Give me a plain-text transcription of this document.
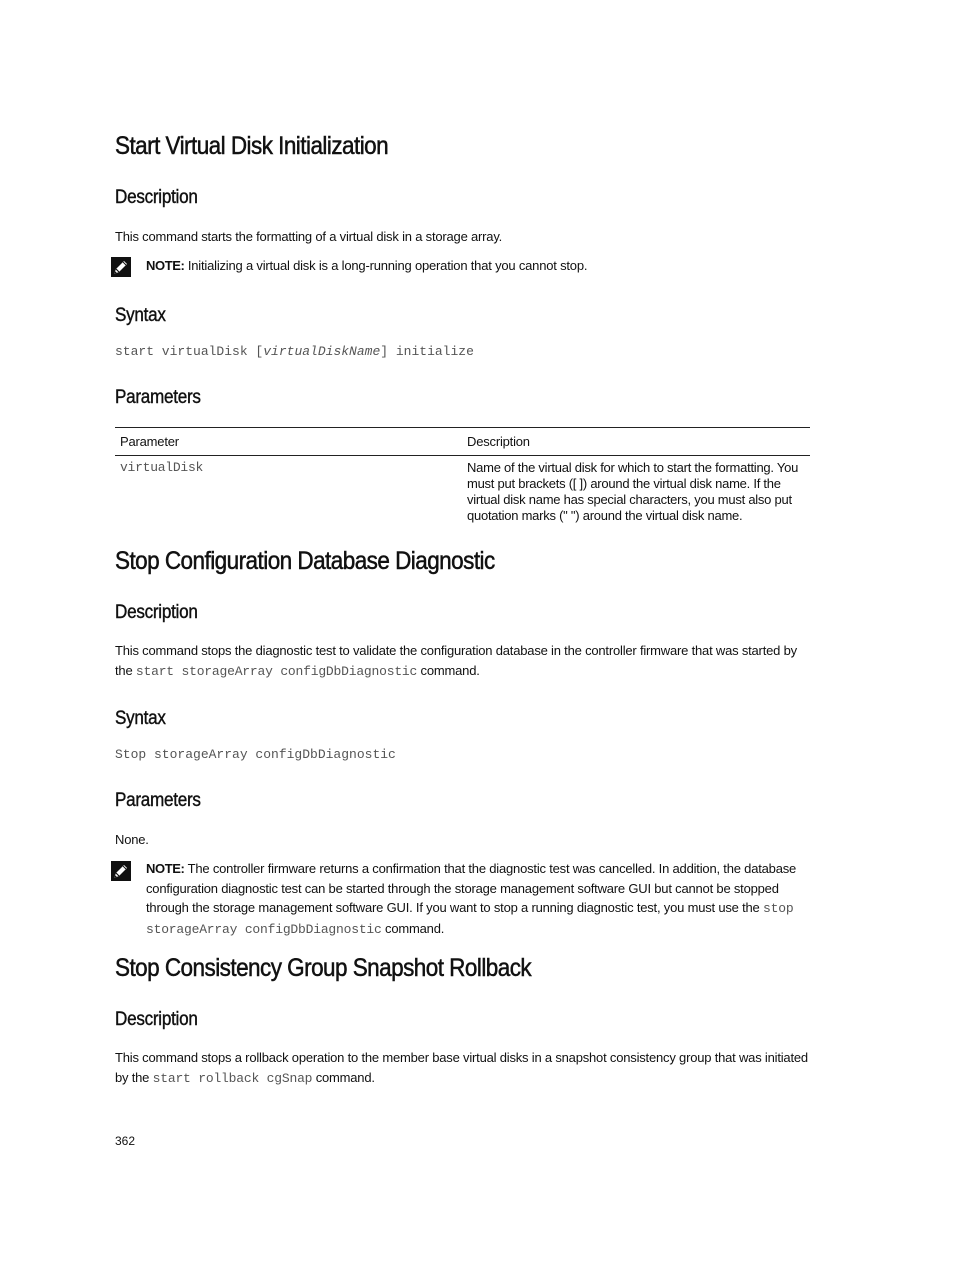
Start Virtual Disk Initialization
Description

This command starts the formatting of a virtual disk in a storage array.

NOTE: Initializing a virtual disk is a long-running operation that you cannot stop.

Syntax

start virtualDisk [virtualDiskName] initialize

Parameters
Parameter	Description
virtualDisk	Name of the virtual disk for which to start the formatting. You must put brackets ([ ]) around the virtual disk name. If the virtual disk name has special characters, you must also put quotation marks (" ") around the virtual disk name.
Stop Configuration Database Diagnostic
Description

This command stops the diagnostic test to validate the configuration database in the controller firmware that was started by the start storageArray configDbDiagnostic command.

Syntax

Stop storageArray configDbDiagnostic

Parameters

None.

NOTE: The controller firmware returns a confirmation that the diagnostic test was cancelled. In addition, the database configuration diagnostic test can be started through the storage management software GUI but cannot be stopped through the storage management software GUI. If you want to stop a running diagnostic test, you must use the stop storageArray configDbDiagnostic command.

Stop Consistency Group Snapshot Rollback
Description

This command stops a rollback operation to the member base virtual disks in a snapshot consistency group that was initiated by the start rollback cgSnap command.

362
